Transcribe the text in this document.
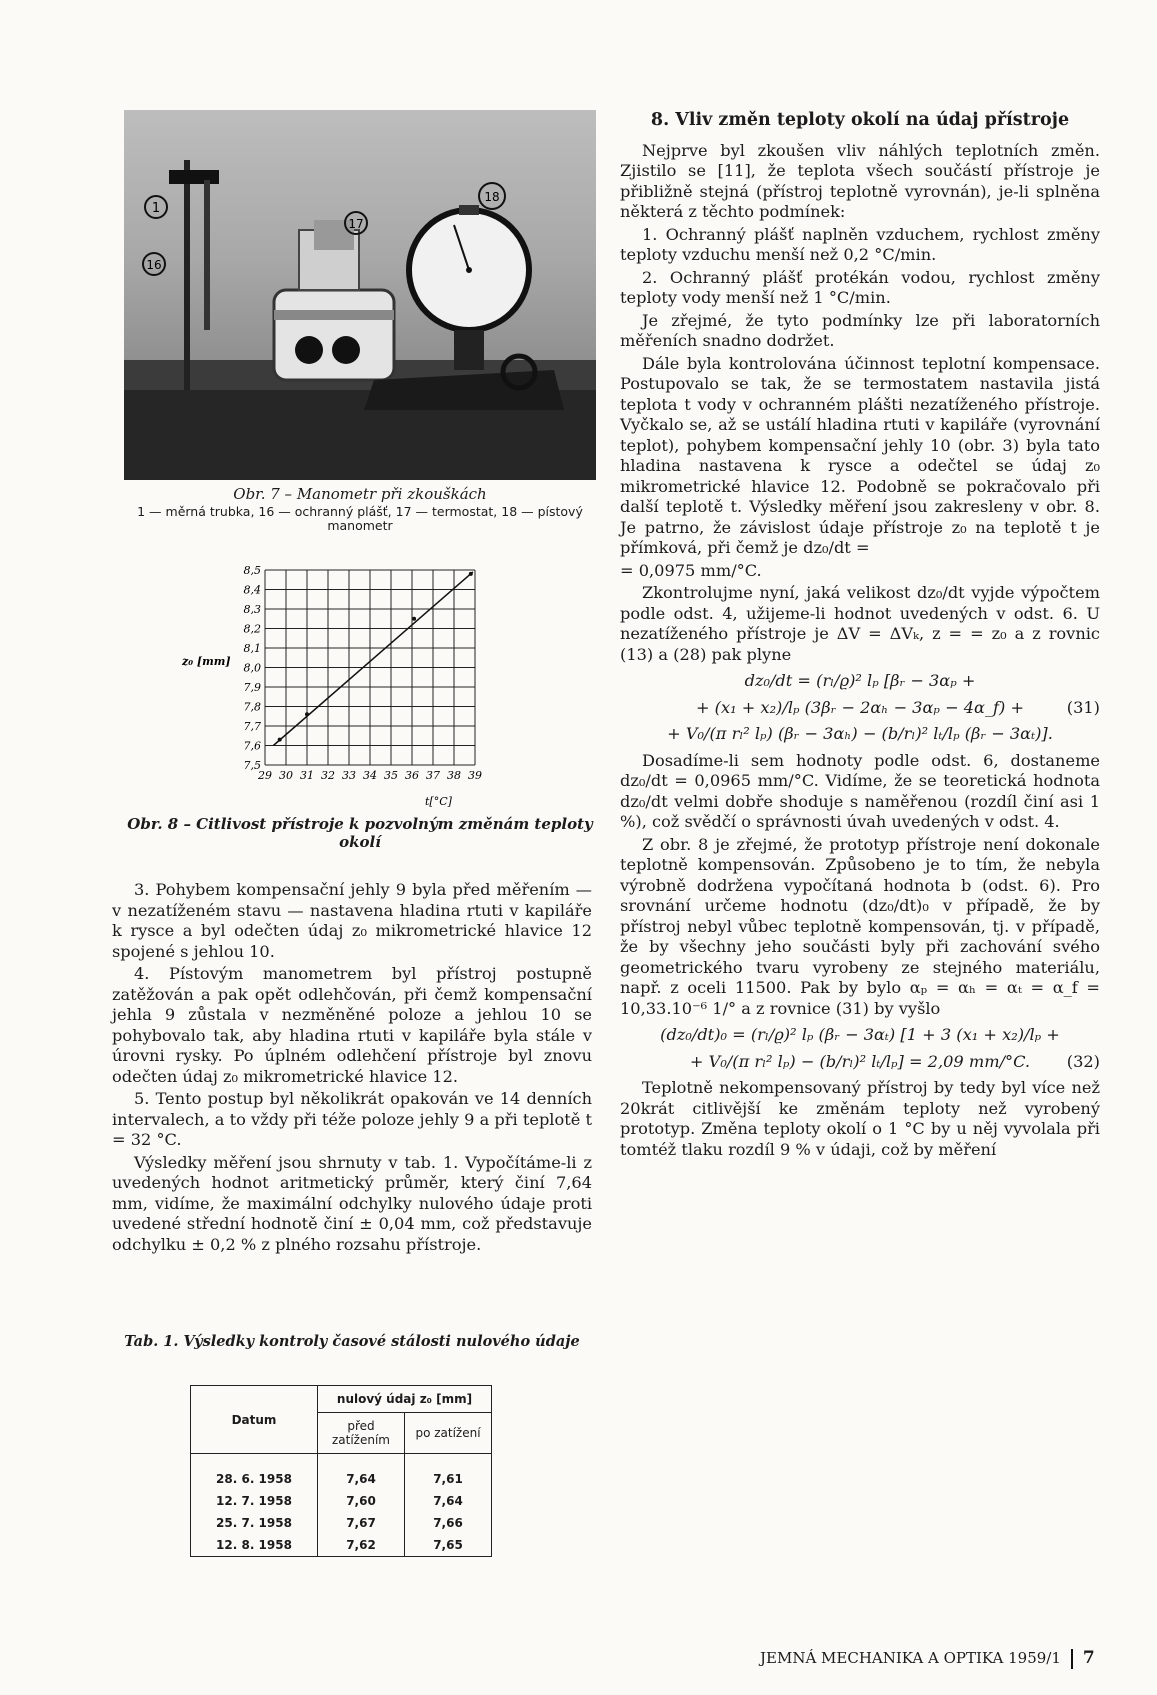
1
16
17
18
Obr. 7 – Manometr při zkouškách
1 — měrná trubka, 16 — ochranný plášť, 17 — termostat, 18 — pístový manometr
7,5
7,6
7,7
7,8
7,9
8,0
8,1
8,2
8,3
8,4
8,5
29 30 31 32 33 34 35 36 37 38 39
z₀ [mm]
t[°C]
Obr. 8 – Citlivost přístroje k pozvolným změnám teploty okolí

3. Pohybem kompensační jehly 9 byla před měřením — v nezatíženém stavu — nastavena hladina rtuti v kapiláře k rysce a byl odečten údaj z₀ mikrometrické hlavice 12 spojené s jehlou 10.

4. Pístovým manometrem byl přístroj postupně zatěžován a pak opět odlehčován, při čemž kompensační jehla 9 zůstala v nezměněné poloze a jehlou 10 se pohybovalo tak, aby hladina rtuti v kapiláře byla stále v úrovni rysky. Po úplném odlehčení přístroje byl znovu odečten údaj z₀ mikrometrické hlavice 12.

5. Tento postup byl několikrát opakován ve 14 denních intervalech, a to vždy při téže poloze jehly 9 a při teplotě t = 32 °C.

Výsledky měření jsou shrnuty v tab. 1. Vypočítáme-li z uvedených hodnot aritmetický průměr, který činí 7,64 mm, vidíme, že maximální odchylky nulového údaje proti uvedené střední hodnotě činí ± 0,04 mm, což představuje odchylku ± 0,2 % z plného rozsahu přístroje.

Tab. 1. Výsledky kontroly časové stálosti nulového údaje
Datum	nulový údaj z₀ [mm]	
	před zatížením	po zatížení

28. 6. 1958	7,64	7,61
12. 7. 1958	7,60	7,64
25. 7. 1958	7,67	7,66
12. 8. 1958	7,62	7,65

8. Vliv změn teploty okolí na údaj přístroje

Nejprve byl zkoušen vliv náhlých teplotních změn. Zjistilo se [11], že teplota všech součástí přístroje je přibližně stejná (přístroj teplotně vyrovnán), je-li splněna některá z těchto podmínek:

1. Ochranný plášť naplněn vzduchem, rychlost změny teploty vzduchu menší než 0,2 °C/min.

2. Ochranný plášť protékán vodou, rychlost změny teploty vody menší než 1 °C/min.

Je zřejmé, že tyto podmínky lze při laboratorních měřeních snadno dodržet.

Dále byla kontrolována účinnost teplotní kompensace. Postupovalo se tak, že se termostatem nastavila jistá teplota t vody v ochranném plášti nezatíženého přístroje. Vyčkalo se, až se ustálí hladina rtuti v kapiláře (vyrovnání teplot), pohybem kompensační jehly 10 (obr. 3) byla tato hladina nastavena k rysce a odečtel se údaj z₀ mikrometrické hlavice 12. Podobně se pokračovalo při další teplotě t. Výsledky měření jsou zakresleny v obr. 8. Je patrno, že závislost údaje přístroje z₀ na teplotě t je přímková, při čemž je dz₀/dt =

= 0,0975 mm/°C.

Zkontrolujme nyní, jaká velikost dz₀/dt vyjde výpočtem podle odst. 4, užijeme-li hodnot uvedených v odst. 6. U nezatíženého přístroje je ΔV = ΔVₖ, z = = z₀ a z rovnic (13) a (28) pak plyne

dz₀/dt = (rₗ/ϱ)² lₚ [βᵣ − 3αₚ +

+ (x₁ + x₂)/lₚ (3βᵣ − 2αₕ − 3αₚ − 4α_f) +	(31)

+ V₀/(π rₗ² lₚ) (βᵣ − 3αₕ) − (b/rₗ)² lₜ/lₚ (βᵣ − 3αₜ)].

Dosadíme-li sem hodnoty podle odst. 6, dostaneme dz₀/dt = 0,0965 mm/°C. Vidíme, že se teoretická hodnota dz₀/dt velmi dobře shoduje s naměřenou (rozdíl činí asi 1 %), což svědčí o správnosti úvah uvedených v odst. 4.

Z obr. 8 je zřejmé, že prototyp přístroje není dokonale teplotně kompensován. Způsobeno je to tím, že nebyla výrobně dodržena vypočítaná hodnota b (odst. 6). Pro srovnání určeme hodnotu (dz₀/dt)₀ v případě, že by přístroj nebyl vůbec teplotně kompensován, tj. v případě, že by všechny jeho součásti byly při zachování svého geometrického tvaru vyrobeny ze stejného materiálu, např. z oceli 11500. Pak by bylo αₚ = αₕ = αₜ = α_f = 10,33.10⁻⁶ 1/° a z rovnice (31) by vyšlo

(dz₀/dt)₀ = (rₗ/ϱ)² lₚ (βᵣ − 3αₜ) [1 + 3 (x₁ + x₂)/lₚ +

+ V₀/(π rₗ² lₚ) − (b/rₗ)² lₜ/lₚ] = 2,09 mm/°C. (32)

Teplotně nekompensovaný přístroj by tedy byl více než 20krát citlivější ke změnám teploty než vyrobený prototyp. Změna teploty okolí o 1 °C by u něj vyvolala při tomtéž tlaku rozdíl 9 % v údaji, což by měření

JEMNÁ MECHANIKA A OPTIKA 1959/1 7
